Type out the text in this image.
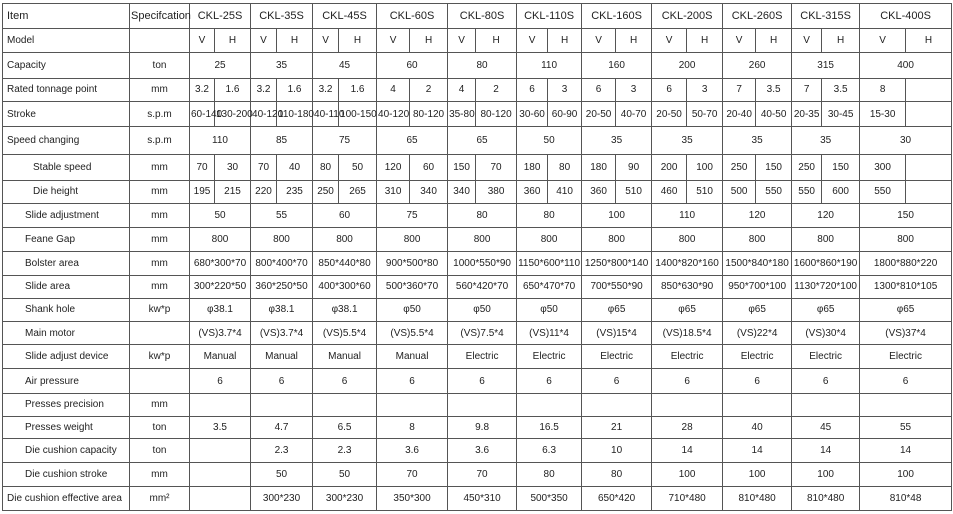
Item	Specifcation	CKL-25S		CKL-35S		CKL-45S		CKL-60S		CKL-80S		CKL-110S		CKL-160S		CKL-200S		CKL-260S		CKL-315S		CKL-400S	
Model		V	H	V	H	V	H	V	H	V	H	V	H	V	H	V	H	V	H	V	H	V	H
Capacity	ton	25		35		45		60		80		110		160		200		260		315		400	
Rated tonnage point	mm	3.2	1.6	3.2	1.6	3.2	1.6	4	2	4	2	6	3	6	3	6	3	7	3.5	7	3.5	8	
Stroke	s.p.m	60-140	130-200	40-120	110-180	40-110	100-150	40-120	80-120	35-80	80-120	30-60	60-90	20-50	40-70	20-50	50-70	20-40	40-50	20-35	30-45	15-30	
Speed changing	s.p.m	110		85		75		65		65		50		35		35		35		35		30	
Stable speed	mm	70	30	70	40	80	50	120	60	150	70	180	80	180	90	200	100	250	150	250	150	300	
Die height	mm	195	215	220	235	250	265	310	340	340	380	360	410	360	510	460	510	500	550	550	600	550	
Slide adjustment	mm	50		55		60		75		80		80		100		110		120		120		150	
Feane Gap	mm	800		800		800		800		800		800		800		800		800		800		800	
Bolster area	mm	680*300*70		800*400*70		850*440*80		900*500*80		1000*550*90		1150*600*110		1250*800*140		1400*820*160		1500*840*180		1600*860*190		1800*880*220	
Slide area	mm	300*220*50		360*250*50		400*300*60		500*360*70		560*420*70		650*470*70		700*550*90		850*630*90		950*700*100		1130*720*100		1300*810*105	
Shank hole	kw*p	φ38.1		φ38.1		φ38.1		φ50		φ50		φ50		φ65		φ65		φ65		φ65		φ65	
Main motor		(VS)3.7*4		(VS)3.7*4		(VS)5.5*4		(VS)5.5*4		(VS)7.5*4		(VS)11*4		(VS)15*4		(VS)18.5*4		(VS)22*4		(VS)30*4		(VS)37*4	
Slide adjust device	kw*p	Manual		Manual		Manual		Manual		Electric		Electric		Electric		Electric		Electric		Electric		Electric	
Air pressure		6		6		6		6		6		6		6		6		6		6		6	
Presses precision	mm																						
Presses weight	ton	3.5		4.7		6.5		8		9.8		16.5		21		28		40		45		55	
Die cushion capacity	ton			2.3		2.3		3.6		3.6		6.3		10		14		14		14		14	
Die cushion stroke	mm			50		50		70		70		80		80		100		100		100		100	
Die cushion effective area	mm²			300*230		300*230		350*300		450*310		500*350		650*420		710*480		810*480		810*480		810*48	
